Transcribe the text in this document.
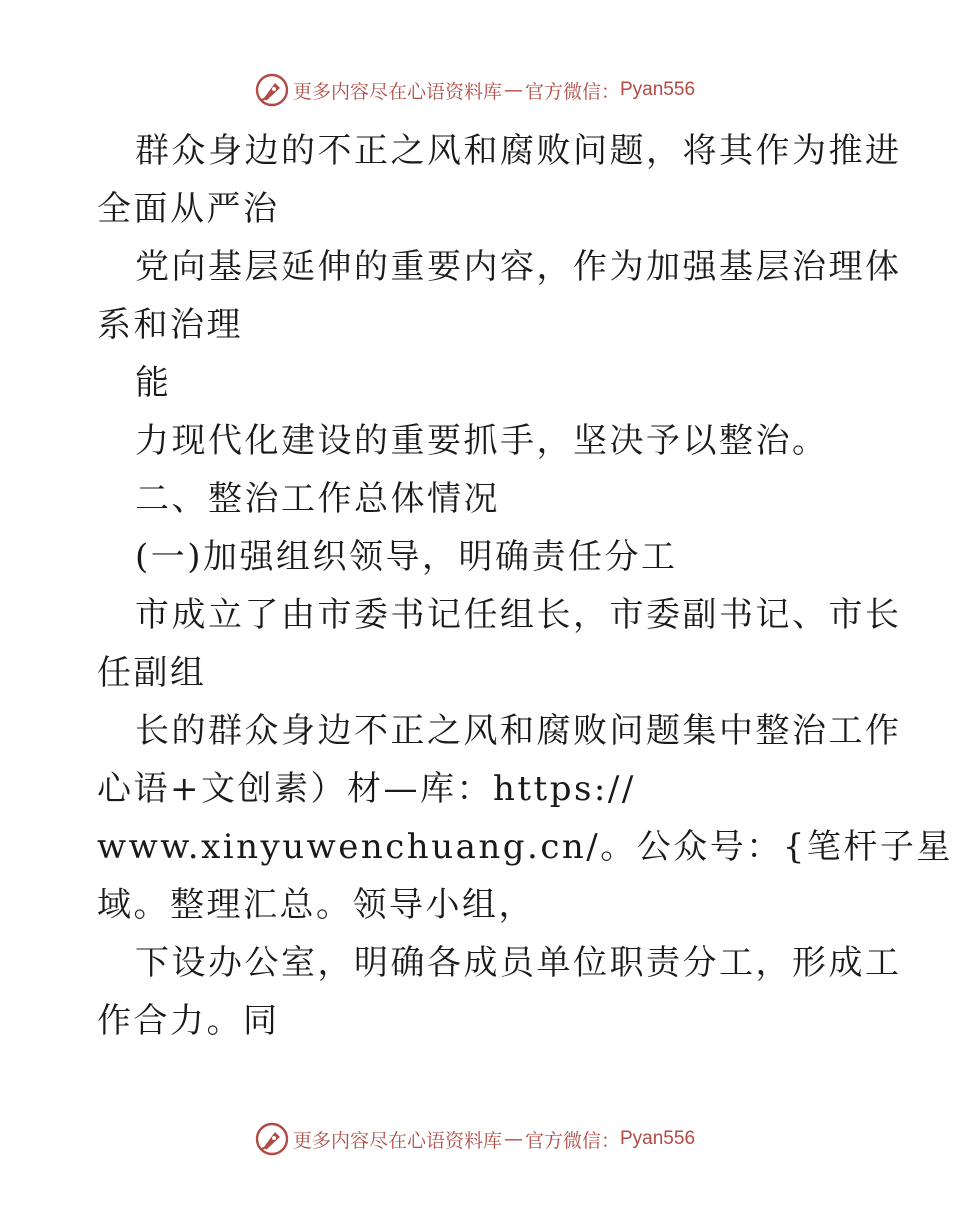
更多内容尽在心语资料库 — 官方微信： Pyan556
群众身边的不正之风和腐败问题，将其作为推进
全面从严治
党向基层延伸的重要内容，作为加强基层治理体
系和治理
能
力现代化建设的重要抓手，坚决予以整治。
二、整治工作总体情况
(一)加强组织领导，明确责任分工
市成立了由市委书记任组长，市委副书记、市长
任副组
长的群众身边不正之风和腐败问题集中整治工作
心语+文创素）材—库：https://
www.xinyuwenchuang.cn/。公众号：{笔杆子星
域。整理汇总。领导小组，
下设办公室，明确各成员单位职责分工，形成工
作合力。同
更多内容尽在心语资料库 — 官方微信： Pyan556
